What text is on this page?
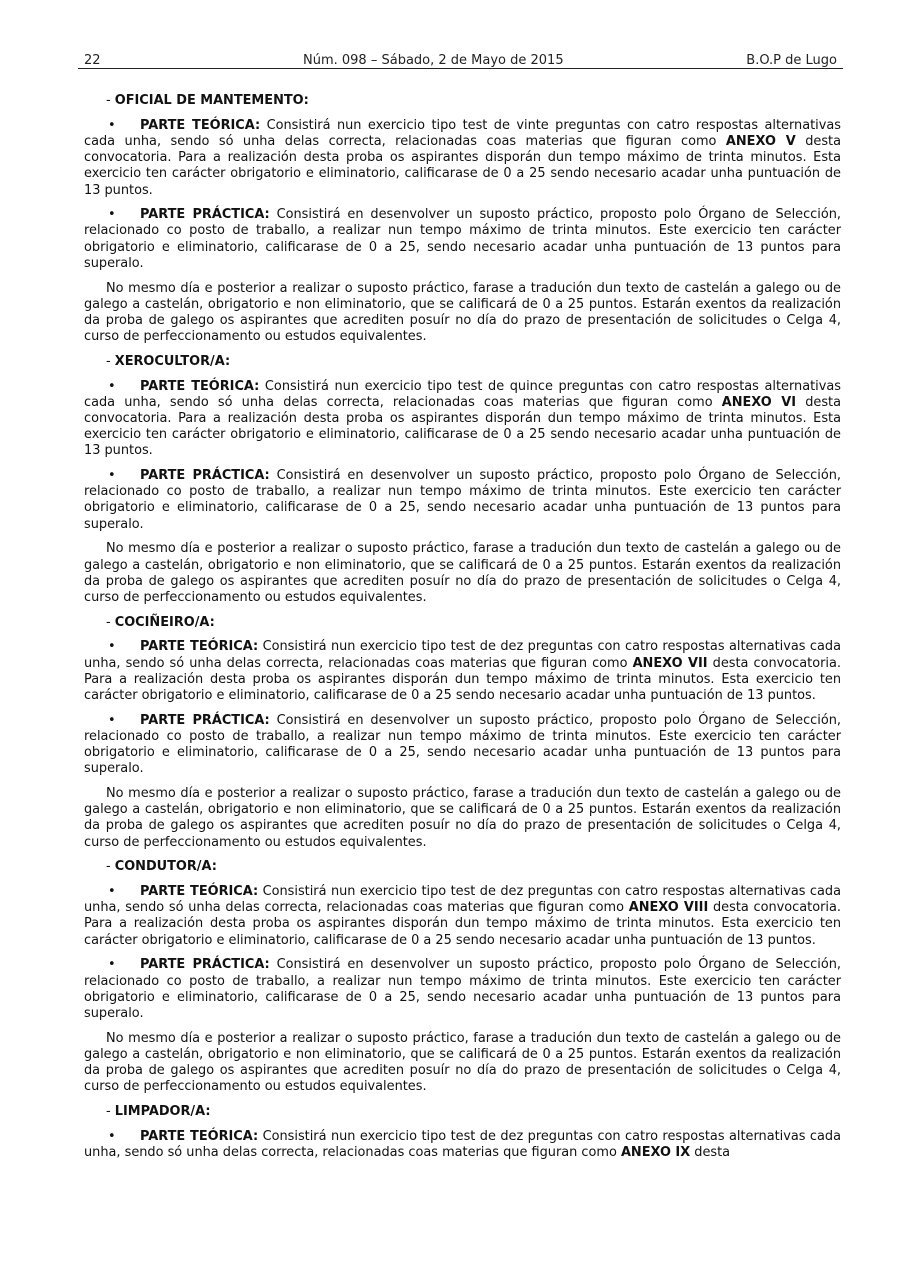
22	Núm. 098 – Sábado, 2 de Mayo de 2015	B.O.P de Lugo

- OFICIAL DE MANTEMENTO:

• PARTE TEÓRICA: Consistirá nun exercicio tipo test de vinte preguntas con catro respostas alternativas cada unha, sendo só unha delas correcta, relacionadas coas materias que figuran como ANEXO V desta convocatoria. Para a realización desta proba os aspirantes disporán dun tempo máximo de trinta minutos. Esta exercicio ten carácter obrigatorio e eliminatorio, calificarase de 0 a 25 sendo necesario acadar unha puntuación de 13 puntos.

• PARTE PRÁCTICA: Consistirá en desenvolver un suposto práctico, proposto polo Órgano de Selección, relacionado co posto de traballo, a realizar nun tempo máximo de trinta minutos. Este exercicio ten carácter obrigatorio e eliminatorio, calificarase de 0 a 25, sendo necesario acadar unha puntuación de 13 puntos para superalo.

No mesmo día e posterior a realizar o suposto práctico, farase a tradución dun texto de castelán a galego ou de galego a castelán, obrigatorio e non eliminatorio, que se calificará de 0 a 25 puntos. Estarán exentos da realización da proba de galego os aspirantes que acrediten posuír no día do prazo de presentación de solicitudes o Celga 4, curso de perfeccionamento ou estudos equivalentes.

- XEROCULTOR/A:

• PARTE TEÓRICA: Consistirá nun exercicio tipo test de quince preguntas con catro respostas alternativas cada unha, sendo só unha delas correcta, relacionadas coas materias que figuran como ANEXO VI desta convocatoria. Para a realización desta proba os aspirantes disporán dun tempo máximo de trinta minutos. Esta exercicio ten carácter obrigatorio e eliminatorio, calificarase de 0 a 25 sendo necesario acadar unha puntuación de 13 puntos.

• PARTE PRÁCTICA: Consistirá en desenvolver un suposto práctico, proposto polo Órgano de Selección, relacionado co posto de traballo, a realizar nun tempo máximo de trinta minutos. Este exercicio ten carácter obrigatorio e eliminatorio, calificarase de 0 a 25, sendo necesario acadar unha puntuación de 13 puntos para superalo.

No mesmo día e posterior a realizar o suposto práctico, farase a tradución dun texto de castelán a galego ou de galego a castelán, obrigatorio e non eliminatorio, que se calificará de 0 a 25 puntos. Estarán exentos da realización da proba de galego os aspirantes que acrediten posuír no día do prazo de presentación de solicitudes o Celga 4, curso de perfeccionamento ou estudos equivalentes.

- COCIÑEIRO/A:

• PARTE TEÓRICA: Consistirá nun exercicio tipo test de dez preguntas con catro respostas alternativas cada unha, sendo só unha delas correcta, relacionadas coas materias que figuran como ANEXO VII desta convocatoria. Para a realización desta proba os aspirantes disporán dun tempo máximo de trinta minutos. Esta exercicio ten carácter obrigatorio e eliminatorio, calificarase de 0 a 25 sendo necesario acadar unha puntuación de 13 puntos.

• PARTE PRÁCTICA: Consistirá en desenvolver un suposto práctico, proposto polo Órgano de Selección, relacionado co posto de traballo, a realizar nun tempo máximo de trinta minutos. Este exercicio ten carácter obrigatorio e eliminatorio, calificarase de 0 a 25, sendo necesario acadar unha puntuación de 13 puntos para superalo.

No mesmo día e posterior a realizar o suposto práctico, farase a tradución dun texto de castelán a galego ou de galego a castelán, obrigatorio e non eliminatorio, que se calificará de 0 a 25 puntos. Estarán exentos da realización da proba de galego os aspirantes que acrediten posuír no día do prazo de presentación de solicitudes o Celga 4, curso de perfeccionamento ou estudos equivalentes.

- CONDUTOR/A:

• PARTE TEÓRICA: Consistirá nun exercicio tipo test de dez preguntas con catro respostas alternativas cada unha, sendo só unha delas correcta, relacionadas coas materias que figuran como ANEXO VIII desta convocatoria. Para a realización desta proba os aspirantes disporán dun tempo máximo de trinta minutos. Esta exercicio ten carácter obrigatorio e eliminatorio, calificarase de 0 a 25 sendo necesario acadar unha puntuación de 13 puntos.

• PARTE PRÁCTICA: Consistirá en desenvolver un suposto práctico, proposto polo Órgano de Selección, relacionado co posto de traballo, a realizar nun tempo máximo de trinta minutos. Este exercicio ten carácter obrigatorio e eliminatorio, calificarase de 0 a 25, sendo necesario acadar unha puntuación de 13 puntos para superalo.

No mesmo día e posterior a realizar o suposto práctico, farase a tradución dun texto de castelán a galego ou de galego a castelán, obrigatorio e non eliminatorio, que se calificará de 0 a 25 puntos. Estarán exentos da realización da proba de galego os aspirantes que acrediten posuír no día do prazo de presentación de solicitudes o Celga 4, curso de perfeccionamento ou estudos equivalentes.

- LIMPADOR/A:

• PARTE TEÓRICA: Consistirá nun exercicio tipo test de dez preguntas con catro respostas alternativas cada unha, sendo só unha delas correcta, relacionadas coas materias que figuran como ANEXO IX desta
